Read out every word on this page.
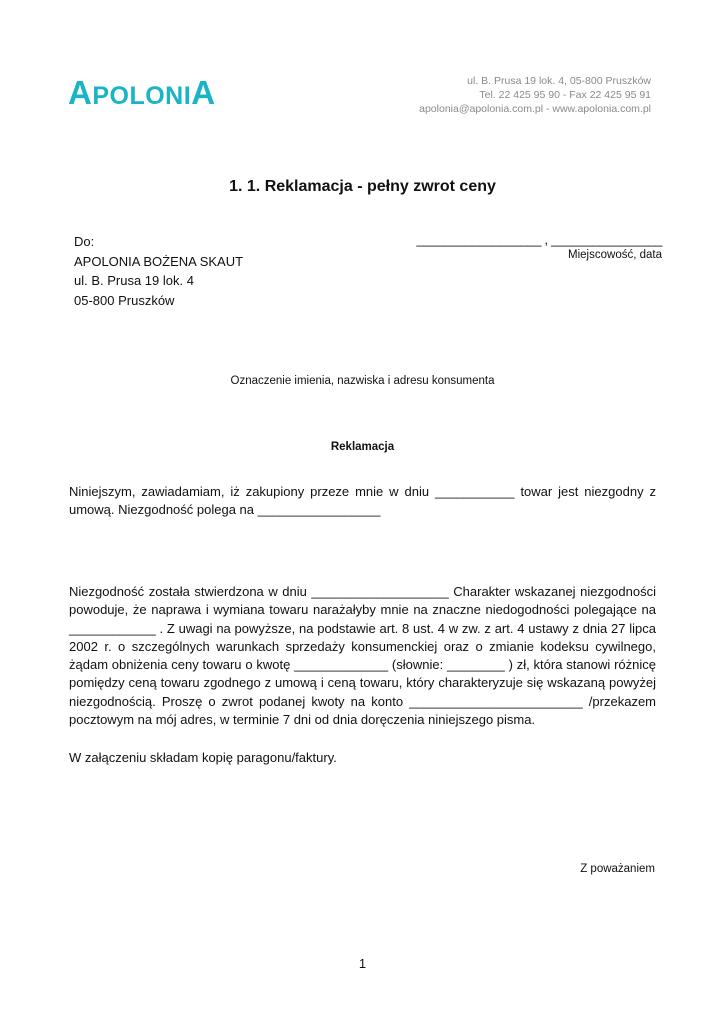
APOLONIA	ul. B. Prusa 19 lok. 4, 05-800 Pruszków
Tel. 22 425 95 90 - Fax 22 425 95 91
apolonia@apolonia.com.pl - www.apolonia.com.pl
1. 1. Reklamacja - pełny zwrot ceny
Do:
APOLONIA BOŻENA SKAUT
ul. B. Prusa 19 lok. 4
05-800 Pruszków
__________________ , ________________
Miejscowość, data
Oznaczenie imienia, nazwiska i adresu konsumenta
Reklamacja

Niniejszym, zawiadamiam, iż zakupiony przeze mnie w dniu ___________ towar jest niezgodny z umową. Niezgodność polega na _________________

Niezgodność została stwierdzona w dniu ___________________ Charakter wskazanej niezgodności powoduje, że naprawa i wymiana towaru narażałyby mnie na znaczne niedogodności polegające na ____________ . Z uwagi na powyższe, na podstawie art. 8 ust. 4 w zw. z art. 4 ustawy z dnia 27 lipca 2002 r. o szczególnych warunkach sprzedaży konsumenckiej oraz o zmianie kodeksu cywilnego, żądam obniżenia ceny towaru o kwotę _____________ (słownie: ________ ) zł, która stanowi różnicę pomiędzy ceną towaru zgodnego z umową i ceną towaru, który charakteryzuje się wskazaną powyżej niezgodnością. Proszę o zwrot podanej kwoty na konto ________________________ /przekazem pocztowym na mój adres, w terminie 7 dni od dnia doręczenia niniejszego pisma.

W załączeniu składam kopię paragonu/faktury.

Z poważaniem
1
